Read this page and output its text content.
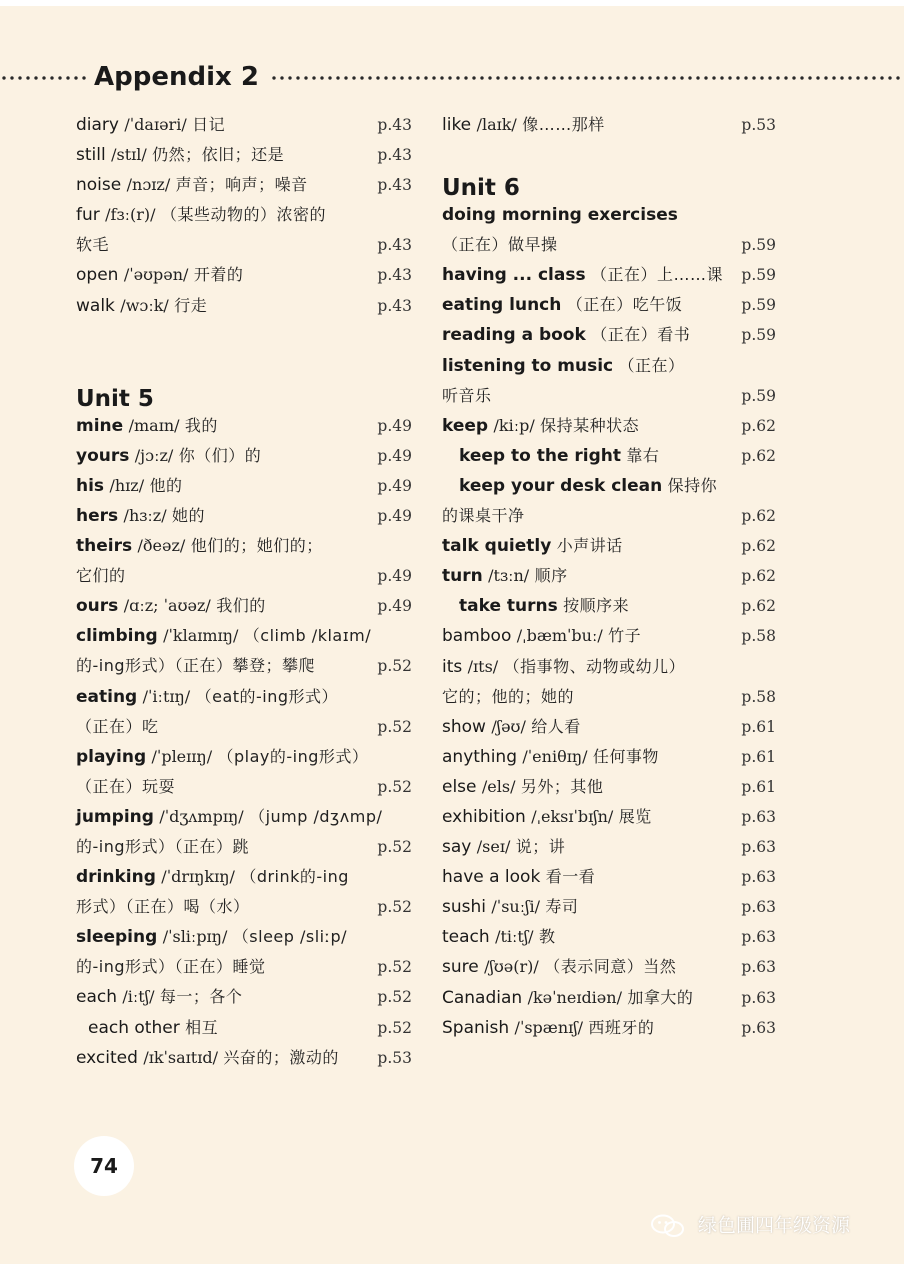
Appendix 2
diary /ˈdaɪəri/ 日记	p.43
still /stɪl/ 仍然；依旧；还是	p.43
noise /nɔɪz/ 声音；响声；噪音	p.43
fur /fɜː(r)/ （某些动物的）浓密的
软毛	p.43
open /ˈəʊpən/ 开着的	p.43
walk /wɔːk/ 行走	p.43
Unit 5
mine /maɪn/ 我的	p.49
yours /jɔːz/ 你（们）的	p.49
his /hɪz/ 他的	p.49
hers /hɜːz/ 她的	p.49
theirs /ðeəz/ 他们的；她们的；
它们的	p.49
ours /ɑːz; ˈaʊəz/ 我们的	p.49
climbing /ˈklaɪmɪŋ/ （climb /klaɪm/
的-ing形式）（正在）攀登；攀爬	p.52
eating /ˈiːtɪŋ/ （eat的-ing形式）
（正在）吃	p.52
playing /ˈpleɪɪŋ/ （play的-ing形式）
（正在）玩耍	p.52
jumping /ˈdʒʌmpɪŋ/ （jump /dʒʌmp/
的-ing形式）（正在）跳	p.52
drinking /ˈdrɪŋkɪŋ/ （drink的-ing
形式）（正在）喝（水）	p.52
sleeping /ˈsliːpɪŋ/ （sleep /sliːp/
的-ing形式）（正在）睡觉	p.52
each /iːtʃ/ 每一；各个	p.52
each other 相互	p.52
excited /ɪkˈsaɪtɪd/ 兴奋的；激动的 p.53
like /laɪk/ 像……那样	p.53
Unit 6
doing morning exercises
（正在）做早操	p.59
having ... class （正在）上……课 p.59
eating lunch （正在）吃午饭	p.59
reading a book （正在）看书	p.59
listening to music （正在）
听音乐	p.59
keep /kiːp/ 保持某种状态	p.62
keep to the right 靠右	p.62
keep your desk clean 保持你
的课桌干净	p.62
talk quietly 小声讲话	p.62
turn /tɜːn/ 顺序	p.62
take turns 按顺序来	p.62
bamboo /ˌbæmˈbuː/ 竹子	p.58
its /ɪts/ （指事物、动物或幼儿）
它的；他的；她的	p.58
show /ʃəʊ/ 给人看	p.61
anything /ˈeniθɪŋ/ 任何事物	p.61
else /els/ 另外；其他	p.61
exhibition /ˌeksɪˈbɪʃn/ 展览	p.63
say /seɪ/ 说；讲	p.63
have a look 看一看	p.63
sushi /ˈsuːʃi/ 寿司	p.63
teach /tiːtʃ/ 教	p.63
sure /ʃʊə(r)/ （表示同意）当然	p.63
Canadian /kəˈneɪdiən/ 加拿大的	p.63
Spanish /ˈspænɪʃ/ 西班牙的	p.63
74
绿色圃四年级资源
